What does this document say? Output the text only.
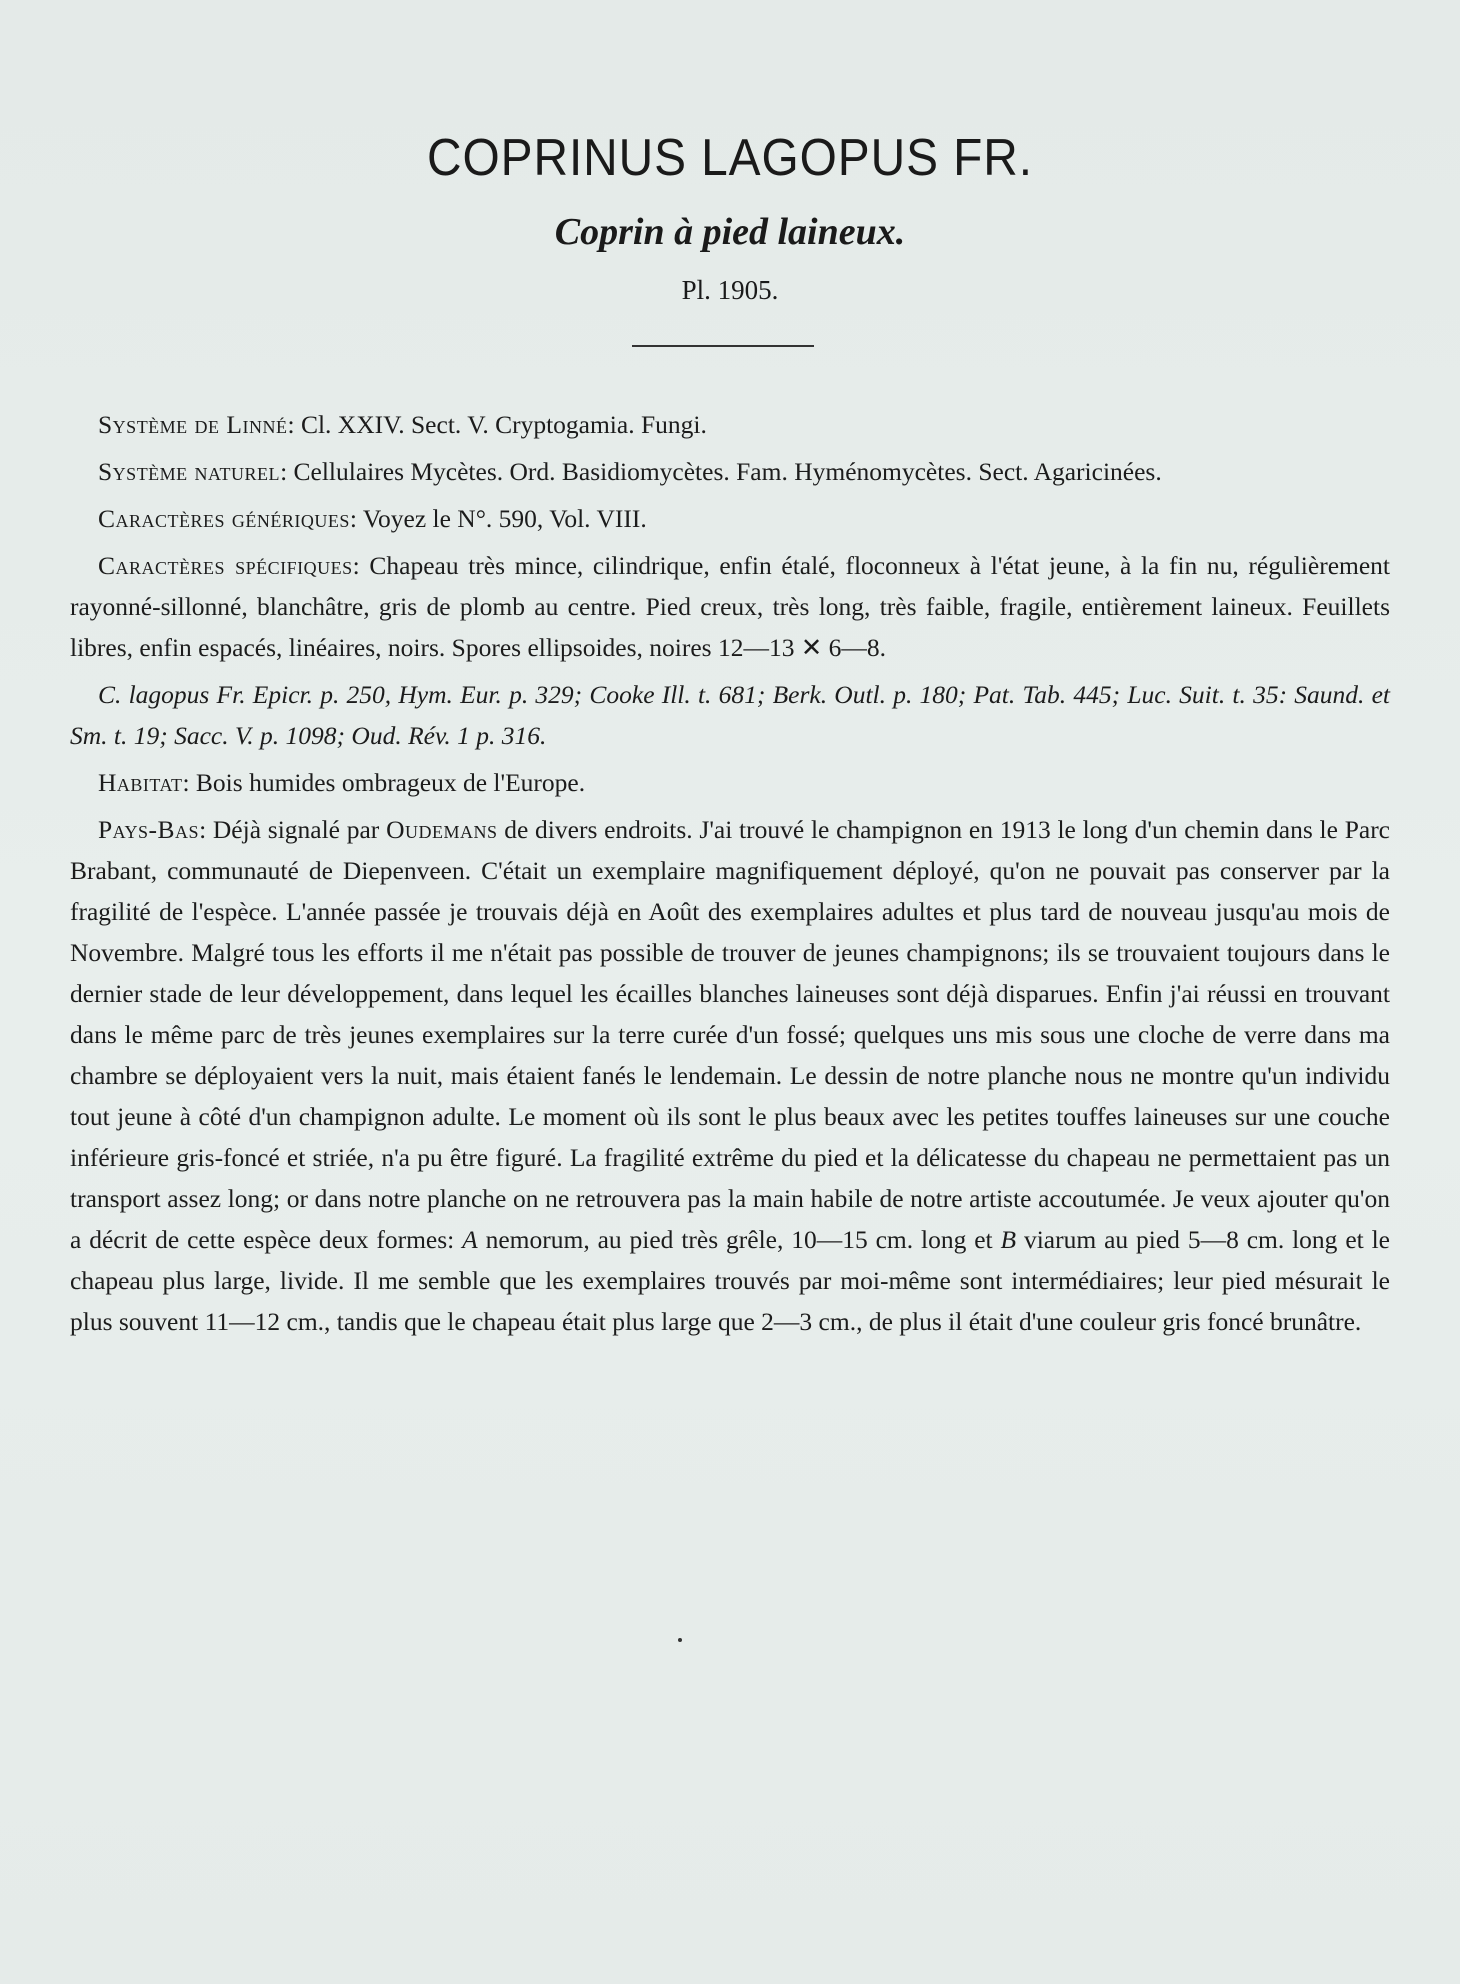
COPRINUS LAGOPUS FR.
Coprin à pied laineux.
Pl. 1905.

Système de Linné: Cl. XXIV. Sect. V. Cryptogamia. Fungi.

Système naturel: Cellulaires Mycètes. Ord. Basidiomycètes. Fam. Hyménomycètes. Sect. Agaricinées.

Caractères génériques: Voyez le N°. 590, Vol. VIII.

Caractères spécifiques: Chapeau très mince, cilindrique, enfin étalé, floconneux à l'état jeune, à la fin nu, régulièrement rayonné-sillonné, blanchâtre, gris de plomb au centre. Pied creux, très long, très faible, fragile, entièrement laineux. Feuillets libres, enfin espacés, linéaires, noirs. Spores ellipsoides, noires 12—13 ✕ 6—8.

C. lagopus Fr. Epicr. p. 250, Hym. Eur. p. 329; Cooke Ill. t. 681; Berk. Outl. p. 180; Pat. Tab. 445; Luc. Suit. t. 35: Saund. et Sm. t. 19; Sacc. V. p. 1098; Oud. Rév. 1 p. 316.

Habitat: Bois humides ombrageux de l'Europe.

Pays-Bas: Déjà signalé par Oudemans de divers endroits. J'ai trouvé le champignon en 1913 le long d'un chemin dans le Parc Brabant, communauté de Diepenveen. C'était un exemplaire magnifiquement déployé, qu'on ne pouvait pas conserver par la fragilité de l'espèce. L'année passée je trouvais déjà en Août des exemplaires adultes et plus tard de nouveau jusqu'au mois de Novembre. Malgré tous les efforts il me n'était pas possible de trouver de jeunes champignons; ils se trouvaient toujours dans le dernier stade de leur développement, dans lequel les écailles blanches laineuses sont déjà disparues. Enfin j'ai réussi en trouvant dans le même parc de très jeunes exemplaires sur la terre curée d'un fossé; quelques uns mis sous une cloche de verre dans ma chambre se déployaient vers la nuit, mais étaient fanés le lendemain. Le dessin de notre planche nous ne montre qu'un individu tout jeune à côté d'un champignon adulte. Le moment où ils sont le plus beaux avec les petites touffes laineuses sur une couche inférieure gris-foncé et striée, n'a pu être figuré. La fragilité extrême du pied et la délicatesse du chapeau ne permettaient pas un transport assez long; or dans notre planche on ne retrouvera pas la main habile de notre artiste accoutumée. Je veux ajouter qu'on a décrit de cette espèce deux formes: A nemorum, au pied très grêle, 10—15 cm. long et B viarum au pied 5—8 cm. long et le chapeau plus large, livide. Il me semble que les exemplaires trouvés par moi-même sont intermédiaires; leur pied mésurait le plus souvent 11—12 cm., tandis que le chapeau était plus large que 2—3 cm., de plus il était d'une couleur gris foncé brunâtre.
